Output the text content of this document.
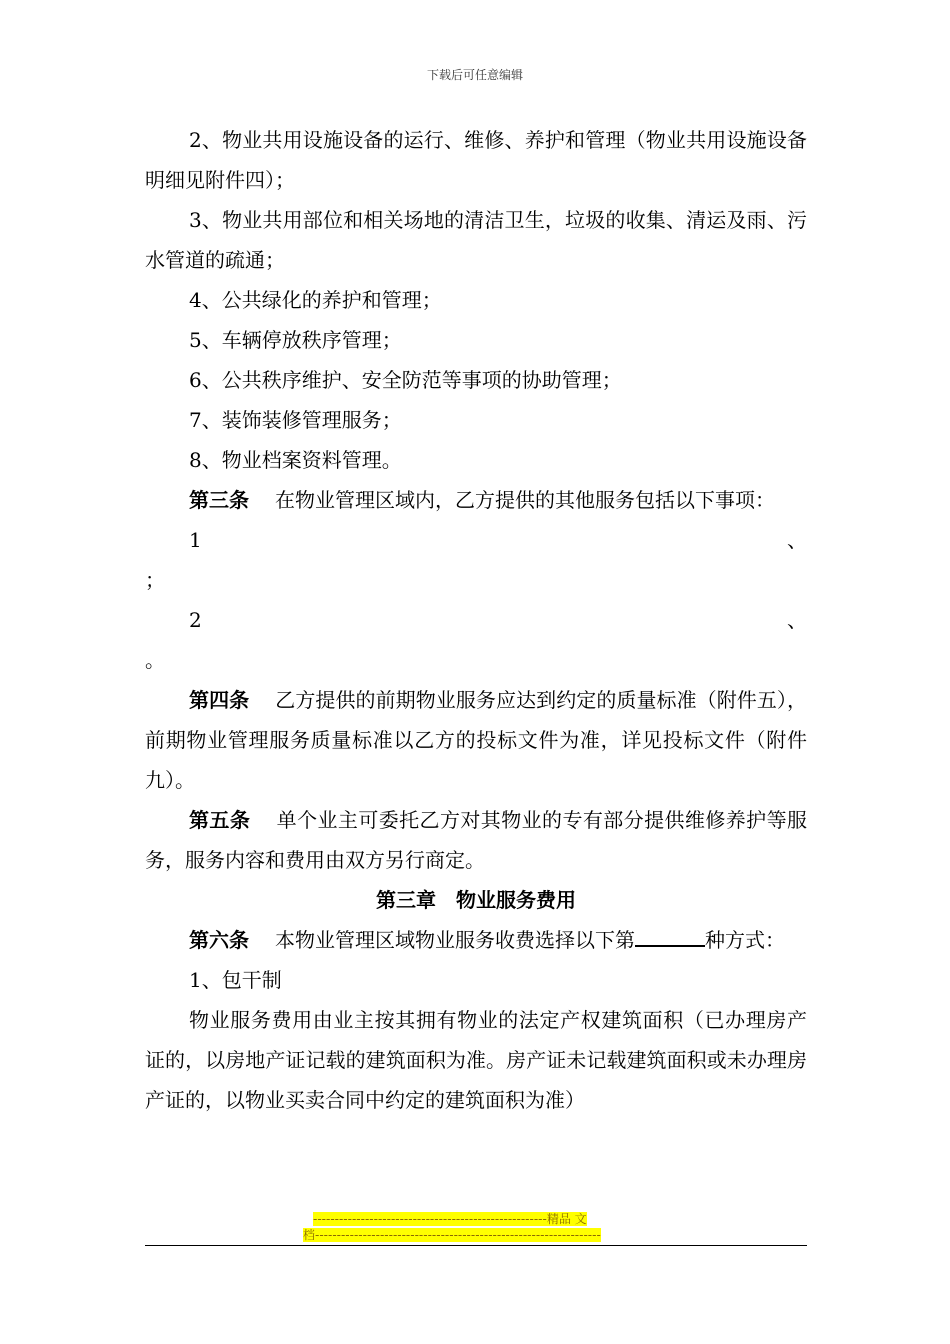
下载后可任意编辑

2、物业共用设施设备的运行、维修、养护和管理（物业共用设施设备明细见附件四）；

3、物业共用部位和相关场地的清洁卫生，垃圾的收集、清运及雨、污水管道的疏通；

4、公共绿化的养护和管理；

5、车辆停放秩序管理；

6、公共秩序维护、安全防范等事项的协助管理；

7、装饰装修管理服务；

8、物业档案资料管理。

第三条 在物业管理区域内，乙方提供的其他服务包括以下事项：

1	、

；

2	、

。

第四条 乙方提供的前期物业服务应达到约定的质量标准（附件五），前期物业管理服务质量标准以乙方的投标文件为准，详见投标文件（附件九）。

第五条 单个业主可委托乙方对其物业的专有部分提供维修养护等服务，服务内容和费用由双方另行商定。

第三章　物业服务费用

第六条 本物业管理区域物业服务收费选择以下第	种方式：

1、包干制

物业服务费用由业主按其拥有物业的法定产权建筑面积（已办理房产证的，以房地产证记载的建筑面积为准。房产证未记载建筑面积或未办理房产证的，以物业买卖合同中约定的建筑面积为准）

------------------------------------------------------精品 文
档------------------------------------------------------------------
